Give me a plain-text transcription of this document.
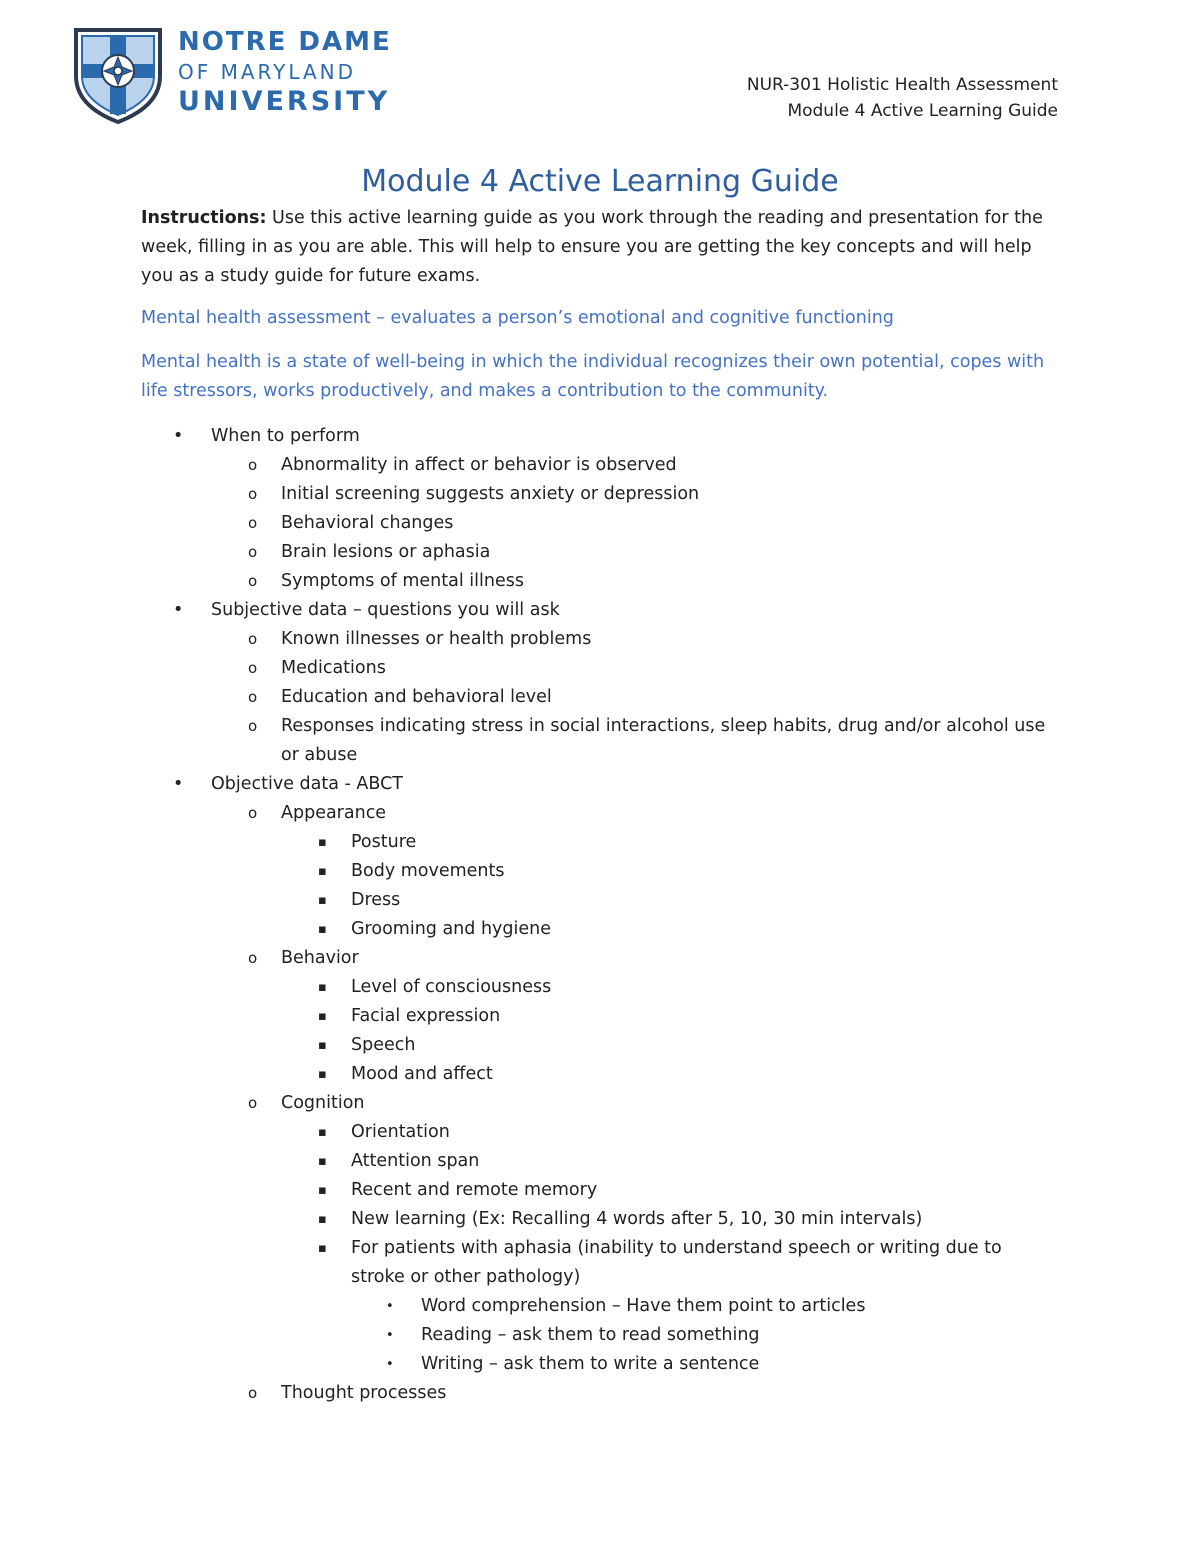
NOTRE DAME
OF MARYLAND
UNIVERSITY
NUR-301 Holistic Health Assessment
Module 4 Active Learning Guide
Module 4 Active Learning Guide

Instructions: Use this active learning guide as you work through the reading and presentation for the week, filling in as you are able. This will help to ensure you are getting the key concepts and will help you as a study guide for future exams.

Mental health assessment – evaluates a person’s emotional and cognitive functioning

Mental health is a state of well-being in which the individual recognizes their own potential, copes with life stressors, works productively, and makes a contribution to the community.

• When to perform
o Abnormality in affect or behavior is observed
o Initial screening suggests anxiety or depression
o Behavioral changes
o Brain lesions or aphasia
o Symptoms of mental illness
• Subjective data – questions you will ask
o Known illnesses or health problems
o Medications
o Education and behavioral level
o Responses indicating stress in social interactions, sleep habits, drug and/or alcohol use or abuse
• Objective data - ABCT
o Appearance
▪ Posture
▪ Body movements
▪ Dress
▪ Grooming and hygiene
o Behavior
▪ Level of consciousness
▪ Facial expression
▪ Speech
▪ Mood and affect
o Cognition
▪ Orientation
▪ Attention span
▪ Recent and remote memory
▪ New learning (Ex: Recalling 4 words after 5, 10, 30 min intervals)
▪ For patients with aphasia (inability to understand speech or writing due to stroke or other pathology)
• Word comprehension – Have them point to articles
• Reading – ask them to read something
• Writing – ask them to write a sentence
o Thought processes
